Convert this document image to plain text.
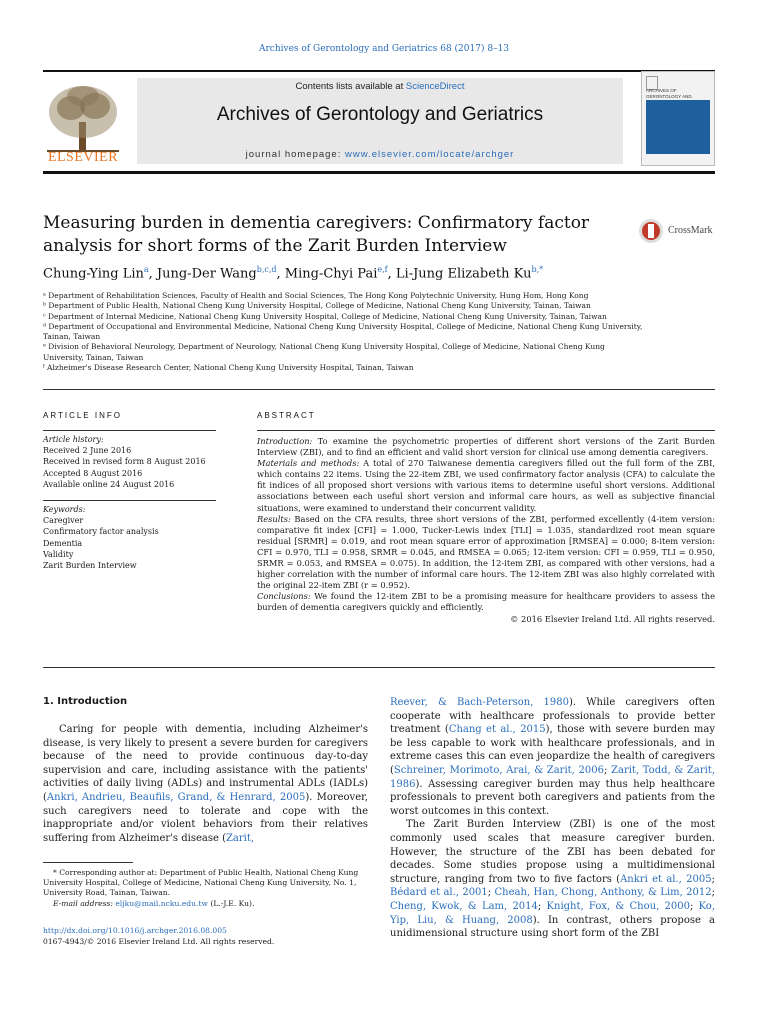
Archives of Gerontology and Geriatrics 68 (2017) 8–13
ELSEVIER
Contents lists available at ScienceDirect
Archives of Gerontology and Geriatrics
journal homepage: www.elsevier.com/locate/archger
ARCHIVES OF GERONTOLOGY AND
Measuring burden in dementia caregivers: Confirmatory factor analysis for short forms of the Zarit Burden Interview
CrossMark
Chung-Ying Lin$^a$, Jung-Der Wang$^{b,c,d}$, Ming-Chyi Pai$^{e,f}$, Li-Jung Elizabeth $Ku^{b,*}$
ᵃ Department of Rehabilitation Sciences, Faculty of Health and Social Sciences, The Hong Kong Polytechnic University, Hung Hom, Hong Kong
ᵇ Department of Public Health, National Cheng Kung University Hospital, College of Medicine, National Cheng Kung University, Tainan, Taiwan
ᶜ Department of Internal Medicine, National Cheng Kung University Hospital, College of Medicine, National Cheng Kung University, Tainan, Taiwan
ᵈ Department of Occupational and Environmental Medicine, National Cheng Kung University Hospital, College of Medicine, National Cheng Kung University, Tainan, Taiwan
ᵉ Division of Behavioral Neurology, Department of Neurology, National Cheng Kung University Hospital, College of Medicine, National Cheng Kung University, Tainan, Taiwan
ᶠ Alzheimer's Disease Research Center, National Cheng Kung University Hospital, Tainan, Taiwan
ARTICLE INFO
Article history:
Received 2 June 2016
Received in revised form 8 August 2016
Accepted 8 August 2016
Available online 24 August 2016
Keywords:
Caregiver
Confirmatory factor analysis
Dementia
Validity
Zarit Burden Interview
ABSTRACT

Introduction: To examine the psychometric properties of different short versions of the Zarit Burden Interview (ZBI), and to find an efficient and valid short version for clinical use among dementia caregivers.

Materials and methods: A total of 270 Taiwanese dementia caregivers filled out the full form of the ZBI, which contains 22 items. Using the 22-item ZBI, we used confirmatory factor analysis (CFA) to calculate the fit indices of all proposed short versions with various items to determine useful short versions. Additional associations between each useful short version and informal care hours, as well as subjective financial situations, were examined to understand their concurrent validity.

Results: Based on the CFA results, three short versions of the ZBI, performed excellently (4-item version: comparative fit index [CFI] = 1.000, Tucker-Lewis index [TLI] = 1.035, standardized root mean square residual [SRMR] = 0.019, and root mean square error of approximation [RMSEA] = 0.000; 8-item version: CFI = 0.970, TLI = 0.958, SRMR = 0.045, and RMSEA = 0.065; 12-item version: CFI = 0.959, TLI = 0.950, SRMR = 0.053, and RMSEA = 0.075). In addition, the 12-item ZBI, as compared with other versions, had a higher correlation with the number of informal care hours. The 12-item ZBI was also highly correlated with the original 22-item ZBI (r = 0.952).

Conclusions: We found the 12-item ZBI to be a promising measure for healthcare providers to assess the burden of dementia caregivers quickly and efficiently.

© 2016 Elsevier Ireland Ltd. All rights reserved.

1. Introduction

Caring for people with dementia, including Alzheimer's disease, is very likely to present a severe burden for caregivers because of the need to provide continuous day-to-day supervision and care, including assistance with the patients' activities of daily living (ADLs) and instrumental ADLs (IADLs) (Ankri, Andrieu, Beaufils, Grand, & Henrard, 2005). Moreover, such caregivers need to tolerate and cope with the inappropriate and/or violent behaviors from their relatives suffering from Alzheimer's disease (Zarit,

* Corresponding author at: Department of Public Health, National Cheng Kung University Hospital, College of Medicine, National Cheng Kung University, No. 1, University Road, Tainan, Taiwan.
E-mail address: eljku@mail.ncku.edu.tw (L.-J.E. Ku).
http://dx.doi.org/10.1016/j.archger.2016.08.005
0167-4943/© 2016 Elsevier Ireland Ltd. All rights reserved.

Reever, & Bach-Peterson, 1980). While caregivers often cooperate with healthcare professionals to provide better treatment (Chang et al., 2015), those with severe burden may be less capable to work with healthcare professionals, and in extreme cases this can even jeopardize the health of caregivers (Schreiner, Morimoto, Arai, & Zarit, 2006; Zarit, Todd, & Zarit, 1986). Assessing caregiver burden may thus help healthcare professionals to prevent both caregivers and patients from the worst outcomes in this context.

The Zarit Burden Interview (ZBI) is one of the most commonly used scales that measure caregiver burden. However, the structure of the ZBI has been debated for decades. Some studies propose using a multidimensional structure, ranging from two to five factors (Ankri et al., 2005; Bédard et al., 2001; Cheah, Han, Chong, Anthony, & Lim, 2012; Cheng, Kwok, & Lam, 2014; Knight, Fox, & Chou, 2000; Ko, Yip, Liu, & Huang, 2008). In contrast, others propose a unidimensional structure using short form of the ZBI
